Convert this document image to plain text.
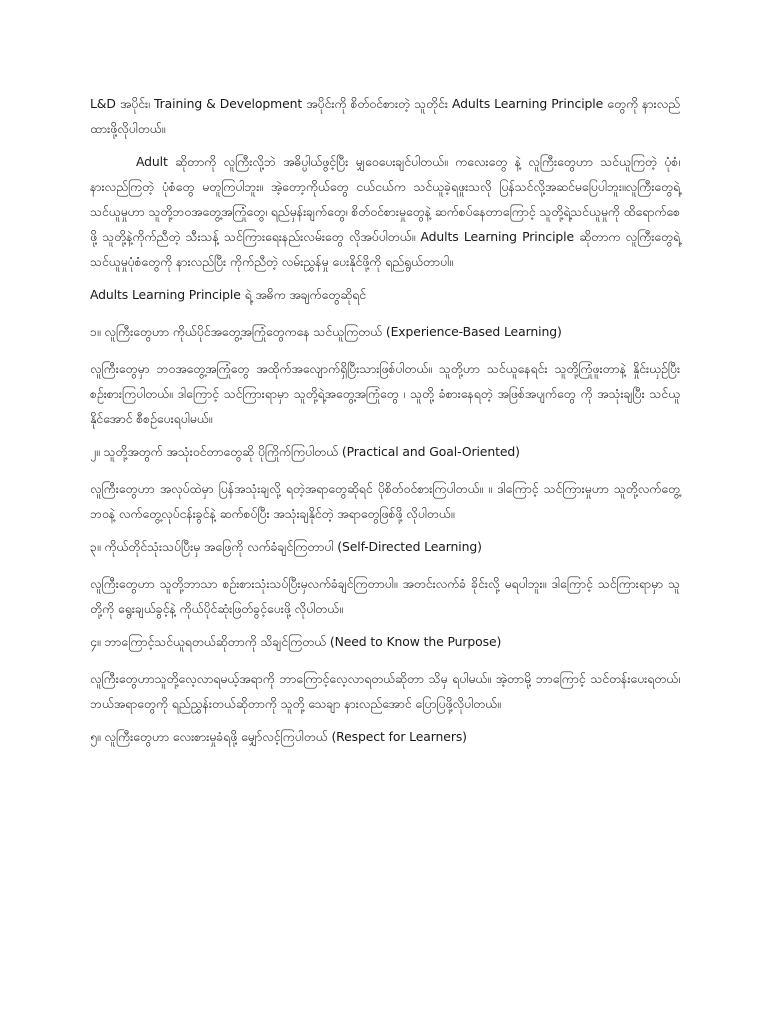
L&D အပိုင်း၊ Training & Development အပိုင်းကို စိတ်ဝင်စားတဲ့ သူတိုင်း Adults Learning Principle တွေကို နားလည်ထားဖို့လိုပါတယ်။

Adult ဆိုတာကို လူကြီးလို့ဘဲ အဓိပ္ပါယ်ဖွင့်ပြီး မျှဝေပေးချင်ပါတယ်။ ကလေးတွေ နဲ့ လူကြီးတွေဟာ သင်ယူကြတဲ့ ပုံစံ၊ နားလည်ကြတဲ့ ပုံစံတွေ မတူကြပါဘူး။ အဲ့တော့ကိုယ်တွေ ငယ်ငယ်က သင်ယူခဲ့ရဖူးသလို ပြန်သင်လို့အဆင်မပြေပါဘူး။လူကြီးတွေရဲ့ သင်ယူမှုဟာ သူတို့ဘဝအတွေ့အကြုံတွေ၊ ရည်မှန်းချက်တွေ၊ စိတ်ဝင်စားမှုတွေနဲ့ ဆက်စပ်နေတာကြောင့် သူတို့ရဲ့သင်ယူမှုကို ထိရောက်စေဖို့ သူတို့နဲ့ကိုက်ညီတဲ့ သီးသန့် သင်ကြားရေးနည်းလမ်းတွေ လိုအပ်ပါတယ်။ Adults Learning Principle ဆိုတာက လူကြီးတွေရဲ့ သင်ယူမှုပုံစံတွေကို နားလည်ပြီး ကိုက်ညီတဲ့ လမ်းညွှန်မှု ပေးနိုင်ဖို့ကို ရည်ရွယ်တာပါ။

Adults Learning Principle ရဲ့ အဓိက အချက်တွေဆိုရင်

၁။ လူကြီးတွေဟာ ကိုယ်ပိုင်အတွေ့အကြုံတွေကနေ သင်ယူကြတယ် (Experience-Based Learning)

လူကြီးတွေမှာ ဘဝအတွေ့အကြုံတွေ အထိုက်အလျောက်ရှိပြီးသားဖြစ်ပါတယ်။ သူတို့ဟာ သင်ယူနေရင်း သူတို့ကြုံဖူးတာနဲ့ နှိုင်းယှဉ်ပြီး စဉ်းစားကြပါတယ်။ ဒါကြောင့် သင်ကြားရာမှာ သူတို့ရဲ့အတွေ့အကြုံတွေ ၊ သူတို့ ခံစားနေရတဲ့ အဖြစ်အပျက်တွေ ကို အသုံးချပြီး သင်ယူနိုင်အောင် စီစဉ်ပေးရပါမယ်။

၂။ သူတို့အတွက် အသုံးဝင်တာတွေဆို ပိုကြိုက်ကြပါတယ် (Practical and Goal-Oriented)

လူကြီးတွေဟာ အလုပ်ထဲမှာ ပြန်အသုံးချလို့ ရတဲ့အရာတွေဆိုရင် ပိုစိတ်ဝင်စားကြပါတယ်။ ။ ဒါကြောင့် သင်ကြားမှုဟာ သူတို့လက်တွေ့ဘဝနဲ့ လက်တွေ့လုပ်ငန်းခွင်နဲ့ ဆက်စပ်ပြီး အသုံးချနိုင်တဲ့ အရာတွေဖြစ်ဖို့ လိုပါတယ်။

၃။ ကိုယ်တိုင်သုံးသပ်ပြီးမှ အဖြေကို လက်ခံချင်ကြတာပါ (Self-Directed Learning)

လူကြီးတွေဟာ သူတို့ဘာသာ စဉ်းစားသုံးသပ်ပြီးမှလက်ခံချင်ကြတာပါ။ အတင်းလက်ခံ ခိုင်းလို့ မရပါဘူး။ ဒါကြောင့် သင်ကြားရာမှာ သူတို့ကို ရွေးချယ်ခွင့်နဲ့ ကိုယ်ပိုင်ဆုံးဖြတ်ခွင့်ပေးဖို့ လိုပါတယ်။

၄။ ဘာကြောင့်သင်ယူရတယ်ဆိုတာကို သိချင်ကြတယ် (Need to Know the Purpose)

လူကြီးတွေဟာသူတို့လေ့လာရမယ့်အရာကို ဘာကြောင့်လေ့လာရတယ်ဆိုတာ သိမှ ရပါမယ်။ အဲ့တာမို့ ဘာကြောင့် သင်တန်းပေးရတယ်၊ ဘယ်အရာတွေကို ရည်ညွှန်းတယ်ဆိုတာကို သူတို့ သေချာ နားလည်အောင် ပြောပြဖို့လိုပါတယ်။

၅။ လူကြီးတွေဟာ လေးစားမှုခံရဖို့ မျှော်လင့်ကြပါတယ် (Respect for Learners)
